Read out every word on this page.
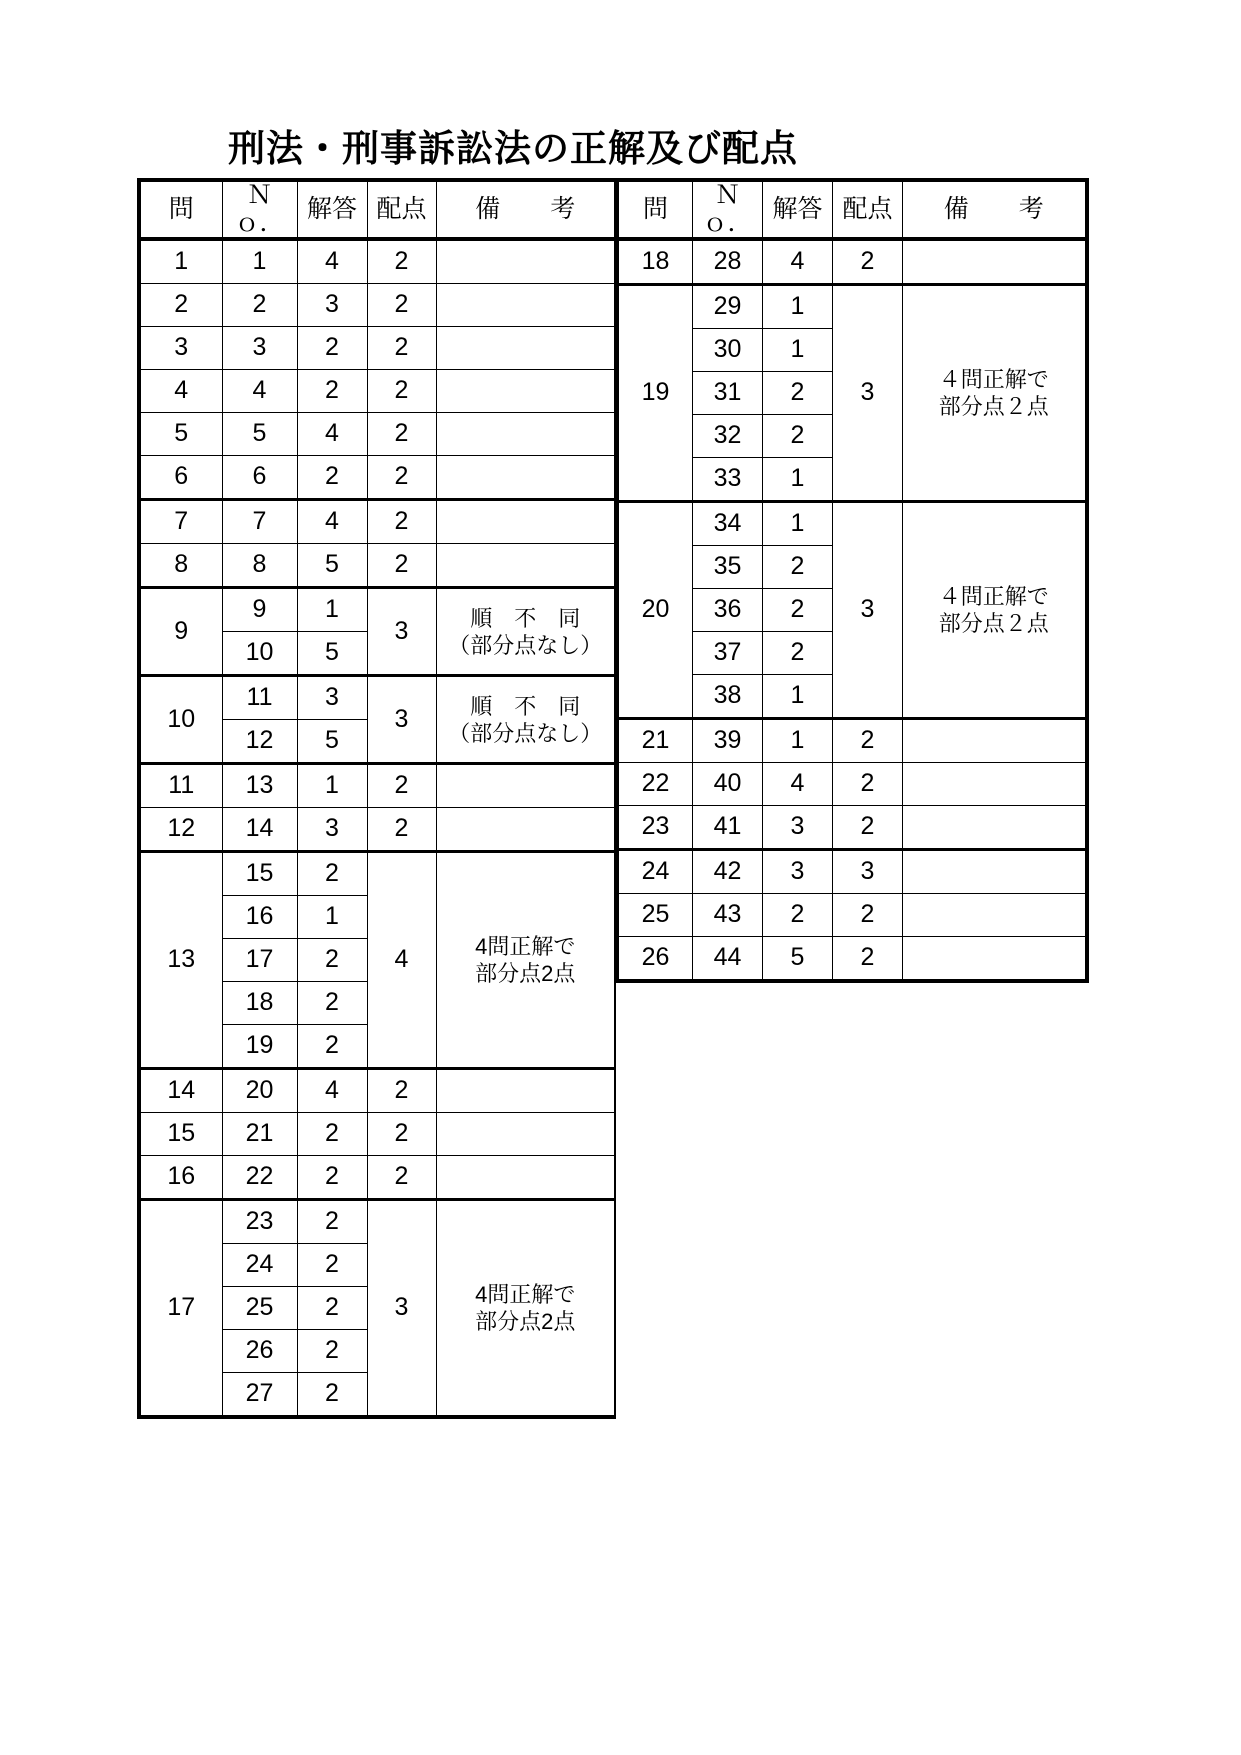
刑法・刑事訴訟法の正解及び配点
問	Ｎｏ．	解答	配点	備　　考
1	1	4	2	
2	2	3	2	
3	3	2	2	
4	4	2	2	
5	5	4	2	
6	6	2	2	
7	7	4	2	
8	8	5	2	
9	9	1	3	順　不　同
（部分点なし）

	10	5		
10	11	3	3	順　不　同
（部分点なし）

	12	5		
11	13	1	2	
12	14	3	2	
13	15	2	4	4問正解で
部分点2点

	16	1		
	17	2		
	18	2		
	19	2		
14	20	4	2	
15	21	2	2	
16	22	2	2	
17	23	2	3	4問正解で
部分点2点

	24	2		
	25	2		
	26	2		
	27	2		
問	Ｎｏ．	解答	配点	備　　考
18	28	4	2	
19	29	1	3	４問正解で
部分点２点

	30	1		
	31	2		
	32	2		
	33	1		
20	34	1	3	４問正解で
部分点２点

	35	2		
	36	2		
	37	2		
	38	1		
21	39	1	2	
22	40	4	2	
23	41	3	2	
24	42	3	3	
25	43	2	2	
26	44	5	2	
